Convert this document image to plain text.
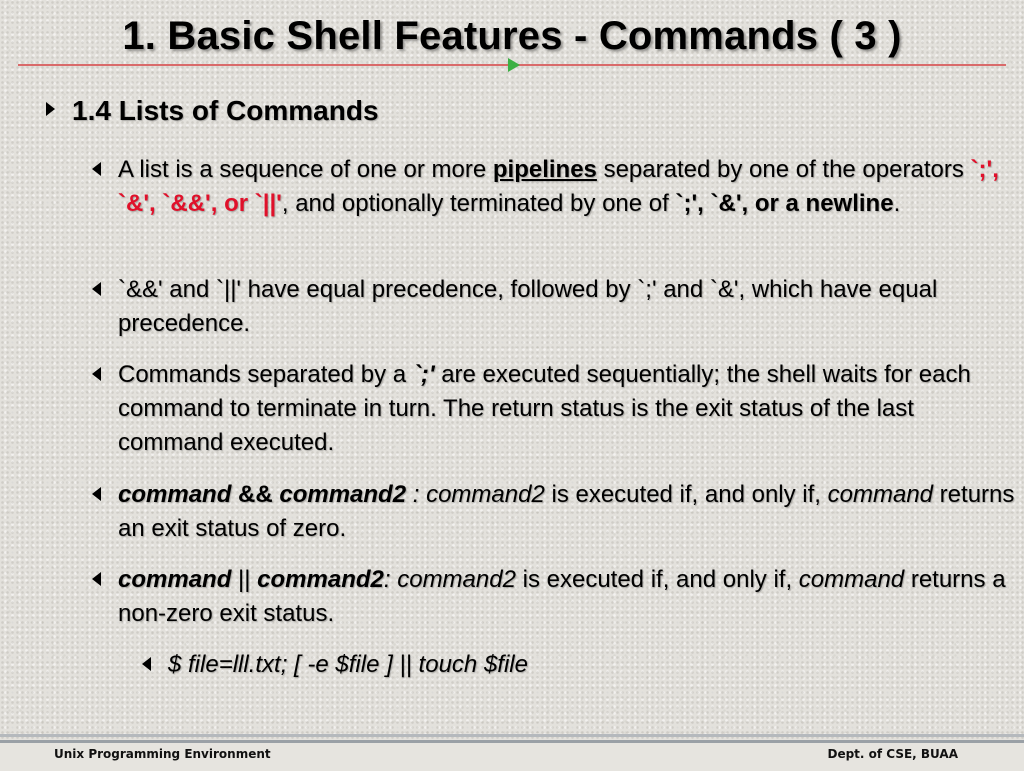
1. Basic Shell Features - Commands ( 3 )
1.4 Lists of Commands
A list is a sequence of one or more pipelines separated by one of the operators `;', `&', `&&', or `||', and optionally terminated by one of `;', `&', or a newline.
`&&' and `||' have equal precedence, followed by `;' and `&', which have equal precedence.
Commands separated by a `;' are executed sequentially; the shell waits for each command to terminate in turn. The return status is the exit status of the last command executed.
command && command2 : command2 is executed if, and only if, command returns an exit status of zero.
command || command2: command2 is executed if, and only if, command returns a non-zero exit status.
$ file=lll.txt; [ -e $file ] || touch $file
Unix Programming Environment	Dept. of CSE, BUAA
